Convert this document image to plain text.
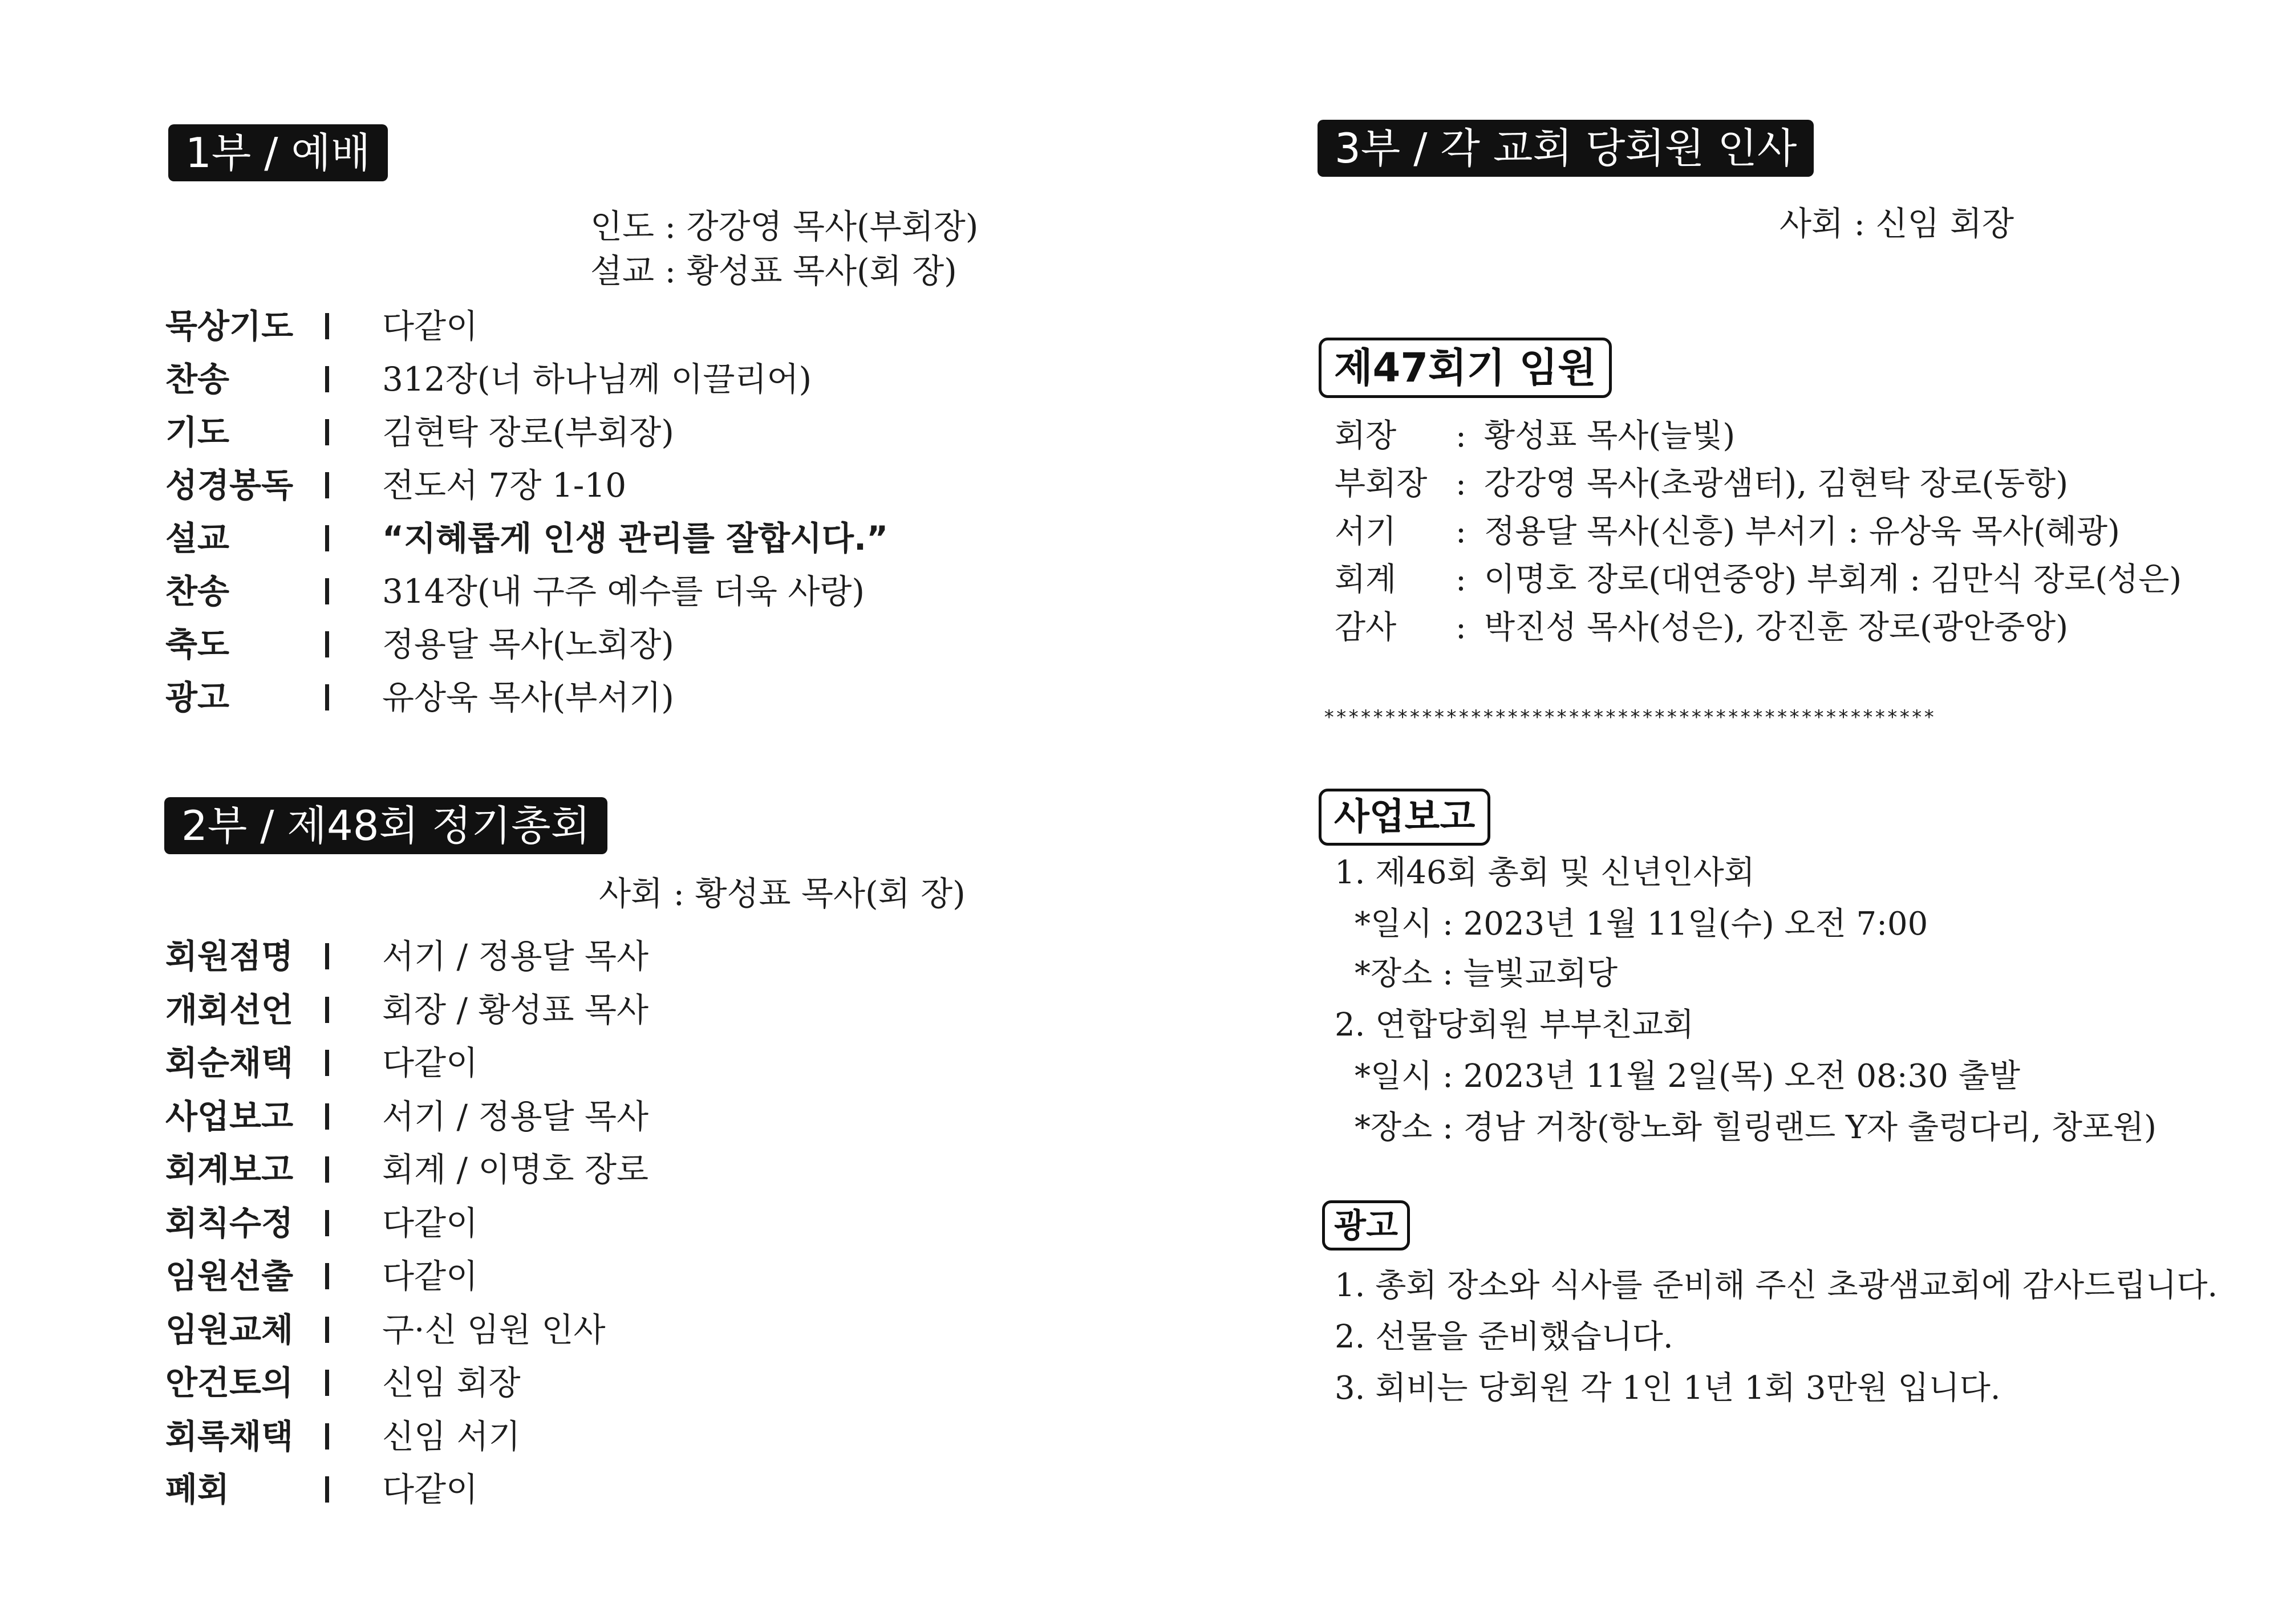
1부 / 예배
인도 : 강강영 목사(부회장)
설교 : 황성표 목사(회 장)
묵상기도	다같이
찬송	312장(너 하나님께 이끌리어)
기도	김현탁 장로(부회장)
성경봉독	전도서 7장 1-10
설교	“지혜롭게 인생 관리를 잘합시다.”
찬송	314장(내 구주 예수를 더욱 사랑)
축도	정용달 목사(노회장)
광고	유상욱 목사(부서기)
2부 / 제48회 정기총회
사회 : 황성표 목사(회 장)
회원점명	서기 / 정용달 목사
개회선언	회장 / 황성표 목사
회순채택	다같이
사업보고	서기 / 정용달 목사
회계보고	회계 / 이명호 장로
회칙수정	다같이
임원선출	다같이
임원교체	구·신 임원 인사
안건토의	신임 회장
회록채택	신임 서기
폐회	다같이
3부 / 각 교회 당회원 인사
사회 : 신임 회장
제47회기 임원
회장	: 황성표 목사(늘빛)
부회장 : 강강영 목사(초광샘터), 김현탁 장로(동항)
서기	: 정용달 목사(신흥) 부서기 : 유상욱 목사(혜광)
회계	: 이명호 장로(대연중앙) 부회계 : 김만식 장로(성은)
감사	: 박진성 목사(성은), 강진훈 장로(광안중앙)
**************************************************
사업보고
1. 제46회 총회 및 신년인사회
*일시 : 2023년 1월 11일(수) 오전 7:00
*장소 : 늘빛교회당
2. 연합당회원 부부친교회
*일시 : 2023년 11월 2일(목) 오전 08:30 출발
*장소 : 경남 거창(항노화 힐링랜드 Y자 출렁다리, 창포원)
광고
1. 총회 장소와 식사를 준비해 주신 초광샘교회에 감사드립니다.
2. 선물을 준비했습니다.
3. 회비는 당회원 각 1인 1년 1회 3만원 입니다.
